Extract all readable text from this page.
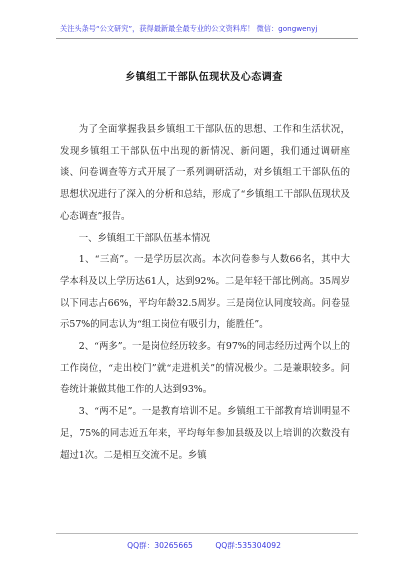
关注头条号“公文研究”，获得最新最全最专业的公文资料库！ 微信：gongwenyj
乡镇组工干部队伍现状及心态调查

为了全面掌握我县乡镇组工干部队伍的思想、工作和生活状况，发现乡镇组工干部队伍中出现的新情况、新问题，我们通过调研座谈、问卷调查等方式开展了一系列调研活动，对乡镇组工干部队伍的思想状况进行了深入的分析和总结，形成了“乡镇组工干部队伍现状及心态调查”报告。

一、乡镇组工干部队伍基本情况

1、“三高”。一是学历层次高。本次问卷参与人数66名，其中大学本科及以上学历达61人，达到92%。二是年轻干部比例高。35周岁以下同志占66%，平均年龄32.5周岁。三是岗位认同度较高。问卷显示57%的同志认为“组工岗位有吸引力，能胜任”。

2、“两多”。一是岗位经历较多。有97%的同志经历过两个以上的工作岗位，“走出校门”就“走进机关”的情况极少。二是兼职较多。问卷统计兼做其他工作的人达到93%。

3、“两不足”。一是教育培训不足。乡镇组工干部教育培训明显不足，75%的同志近五年来，平均每年参加县级及以上培训的次数没有超过1次。二是相互交流不足。乡镇

QQ群：30265665	QQ群:535304092
